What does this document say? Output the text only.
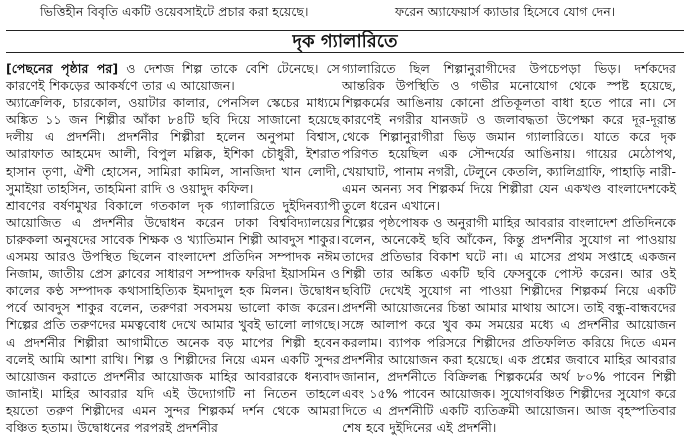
ভিত্তিহীন বিবৃতি একটি ওয়েবসাইটে প্রচার করা হয়েছে।	ফরেন অ্যাফেয়ার্স ক্যাডার হিসেবে যোগ দেন।

দৃক গ্যালারিতে

[পেছনের পৃষ্ঠার পর] ও দেশজ শিল্প তাকে বেশি টেনেছে। সে কারণেই শিকড়ের আকর্ষণে তার এ আয়োজন।

অ্যাক্রেলিক, চারকোল, ওয়াটার কালার, পেনসিল স্কেচের মাধ্যমে অঙ্কিত ১১ জন শিল্পীর আঁকা ৮৪টি ছবি দিয়ে সাজানো হয়েছে দলীয় এ প্রদর্শনী। প্রদর্শনীর শিল্পীরা হলেন অনুপমা বিশ্বাস, আরাফাত আহমেদ আলী, বিপুল মল্লিক, ইশিকা চৌধুরী, ইশরাত হাসান তৃণা, ঐশী হোসেন, সামিরা কামিল, সানজিদা খান লোদী, সুমাইয়া তাহসিন, তাহমিনা রাদি ও ওয়াদুদ কফিল।

শ্রাবণের বর্ষণমুখর বিকালে গতকাল দৃক গ্যালারিতে দুইদিনব্যাপী আয়োজিত এ প্রদর্শনীর উদ্বোধন করেন ঢাকা বিশ্ববিদ্যালয়ের চারুকলা অনুষদের সাবেক শিক্ষক ও খ্যাতিমান শিল্পী আবদুস শাকুর। এসময় আরও উপস্থিত ছিলেন বাংলাদেশ প্রতিদিন সম্পাদক নঈম নিজাম, জাতীয় প্রেস ক্লাবের সাধারণ সম্পাদক ফরিদা ইয়াসমিন ও কালের কণ্ঠ সম্পাদক কথাসাহিত্যিক ইমদাদুল হক মিলন। উদ্বোধন পর্বে আবদুস শাকুর বলেন, তরুণরা সবসময় ভালো কাজ করেন। শিল্পের প্রতি তরুণদের মমত্ববোধ দেখে আমার খুবই ভালো লাগছে। এ প্রদর্শনীর শিল্পীরা আগামীতে অনেক বড় মাপের শিল্পী হবেন বলেই আমি আশা রাখি। শিল্প ও শিল্পীদের নিয়ে এমন একটি সুন্দর আয়োজন করাতে প্রদর্শনীর আয়োজক মাহির আবরারকে ধন্যবাদ জানাই। মাহির আবরার যদি এই উদ্যোগটি না নিতেন তাহলে হয়তো তরুণ শিল্পীদের এমন সুন্দর শিল্পকর্ম দর্শন থেকে আমরা বঞ্চিত হতাম। উদ্বোধনের পরপরই প্রদর্শনীর

গ্যালারিতে ছিল শিল্পানুরাগীদের উপচেপড়া ভিড়। দর্শকদের আন্তরিক উপস্থিতি ও গভীর মনোযোগ থেকে স্পষ্ট হয়েছে, শিল্পকর্মের আঙিনায় কোনো প্রতিকূলতা বাধা হতে পারে না। সে কারণেই নগরীর যানজট ও জলাবদ্ধতা উপেক্ষা করে দূর-দূরান্ত থেকে শিল্পানুরাগীরা ভিড় জমান গ্যালারিতে। যাতে করে দৃক পরিণত হয়েছিল এক সৌন্দর্যের আঙিনায়। গায়ের মেঠোপথ, খেয়াঘাট, পানাম নগরী, টেলুনে কেতলি, ক্যালিগ্রাফি, পাহাড়ি নারী- এমন অনন্য সব শিল্পকর্ম দিয়ে শিল্পীরা যেন একখণ্ড বাংলাদেশকেই তুলে ধরেন এখানে।

শিল্পের পৃষ্ঠপোষক ও অনুরাগী মাহির আবরার বাংলাদেশ প্রতিদিনকে বলেন, অনেকেই ছবি আঁকেন, কিন্তু প্রদর্শনীর সুযোগ না পাওয়ায় তাদের প্রতিভার বিকাশ ঘটে না। এ মাসের প্রথম সপ্তাহে একজন শিল্পী তার অঙ্কিত একটি ছবি ফেসবুকে পোস্ট করেন। আর ওই ছবিটি দেখেই সুযোগ না পাওয়া শিল্পীদের শিল্পকর্ম নিয়ে একটি প্রদর্শনী আয়োজনের চিন্তা আমার মাথায় আসে। তাই বন্ধু-বান্ধবদের সঙ্গে আলাপ করে খুব কম সময়ের মধ্যে এ প্রদর্শনীর আয়োজন করলাম। ব্যাপক পরিসরে শিল্পীদের প্রতিফলিত করিয়ে দিতে এমন প্রদর্শনীর আয়োজন করা হয়েছে। এক প্রশ্নের জবাবে মাহির আবরার জানান, প্রদর্শনীতে বিক্রিলব্ধ শিল্পকর্মের অর্থ ৮০% পাবেন শিল্পী এবং ১৫% পাবেন আয়োজক। সুযোগবঞ্চিত শিল্পীদের সুযোগ করে দিতে এ প্রদর্শনীটি একটি ব্যতিক্রমী আয়োজন। আজ বৃহস্পতিবার শেষ হবে দুইদিনের এই প্রদর্শনী।
